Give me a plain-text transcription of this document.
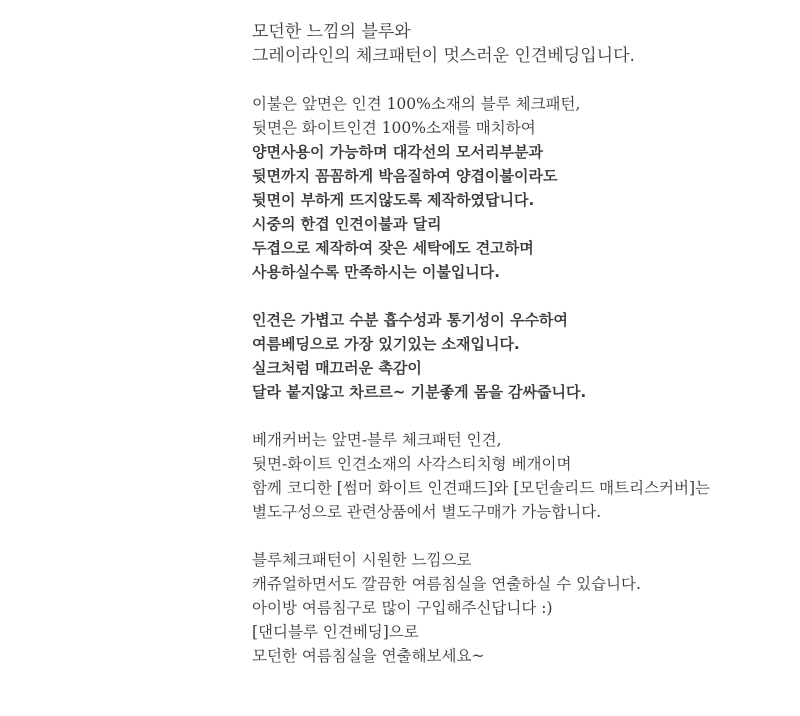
모던한 느낌의 블루와
그레이라인의 체크패턴이 멋스러운 인견베딩입니다.
이불은 앞면은 인견 100%소재의 블루 체크패턴,
뒷면은 화이트인견 100%소재를 매치하여
양면사용이 가능하며 대각선의 모서리부분과
뒷면까지 꼼꼼하게 박음질하여 양겹이불이라도
뒷면이 부하게 뜨지않도록 제작하였답니다.
시중의 한겹 인견이불과 달리
두겹으로 제작하여 잦은 세탁에도 견고하며
사용하실수록 만족하시는 이불입니다.
인견은 가볍고 수분 흡수성과 통기성이 우수하여
여름베딩으로 가장 있기있는 소재입니다.
실크처럼 매끄러운 촉감이
달라 붙지않고 차르르~ 기분좋게 몸을 감싸줍니다.
베개커버는 앞면-블루 체크패턴 인견,
뒷면-화이트 인견소재의 사각스티치형 베개이며
함께 코디한 [썸머 화이트 인견패드]와 [모던솔리드 매트리스커버]는
별도구성으로 관련상품에서 별도구매가 가능합니다.
블루체크패턴이 시원한 느낌으로
캐쥬얼하면서도 깔끔한 여름침실을 연출하실 수 있습니다.
아이방 여름침구로 많이 구입해주신답니다 :)
[댄디블루 인견베딩]으로
모던한 여름침실을 연출해보세요~
